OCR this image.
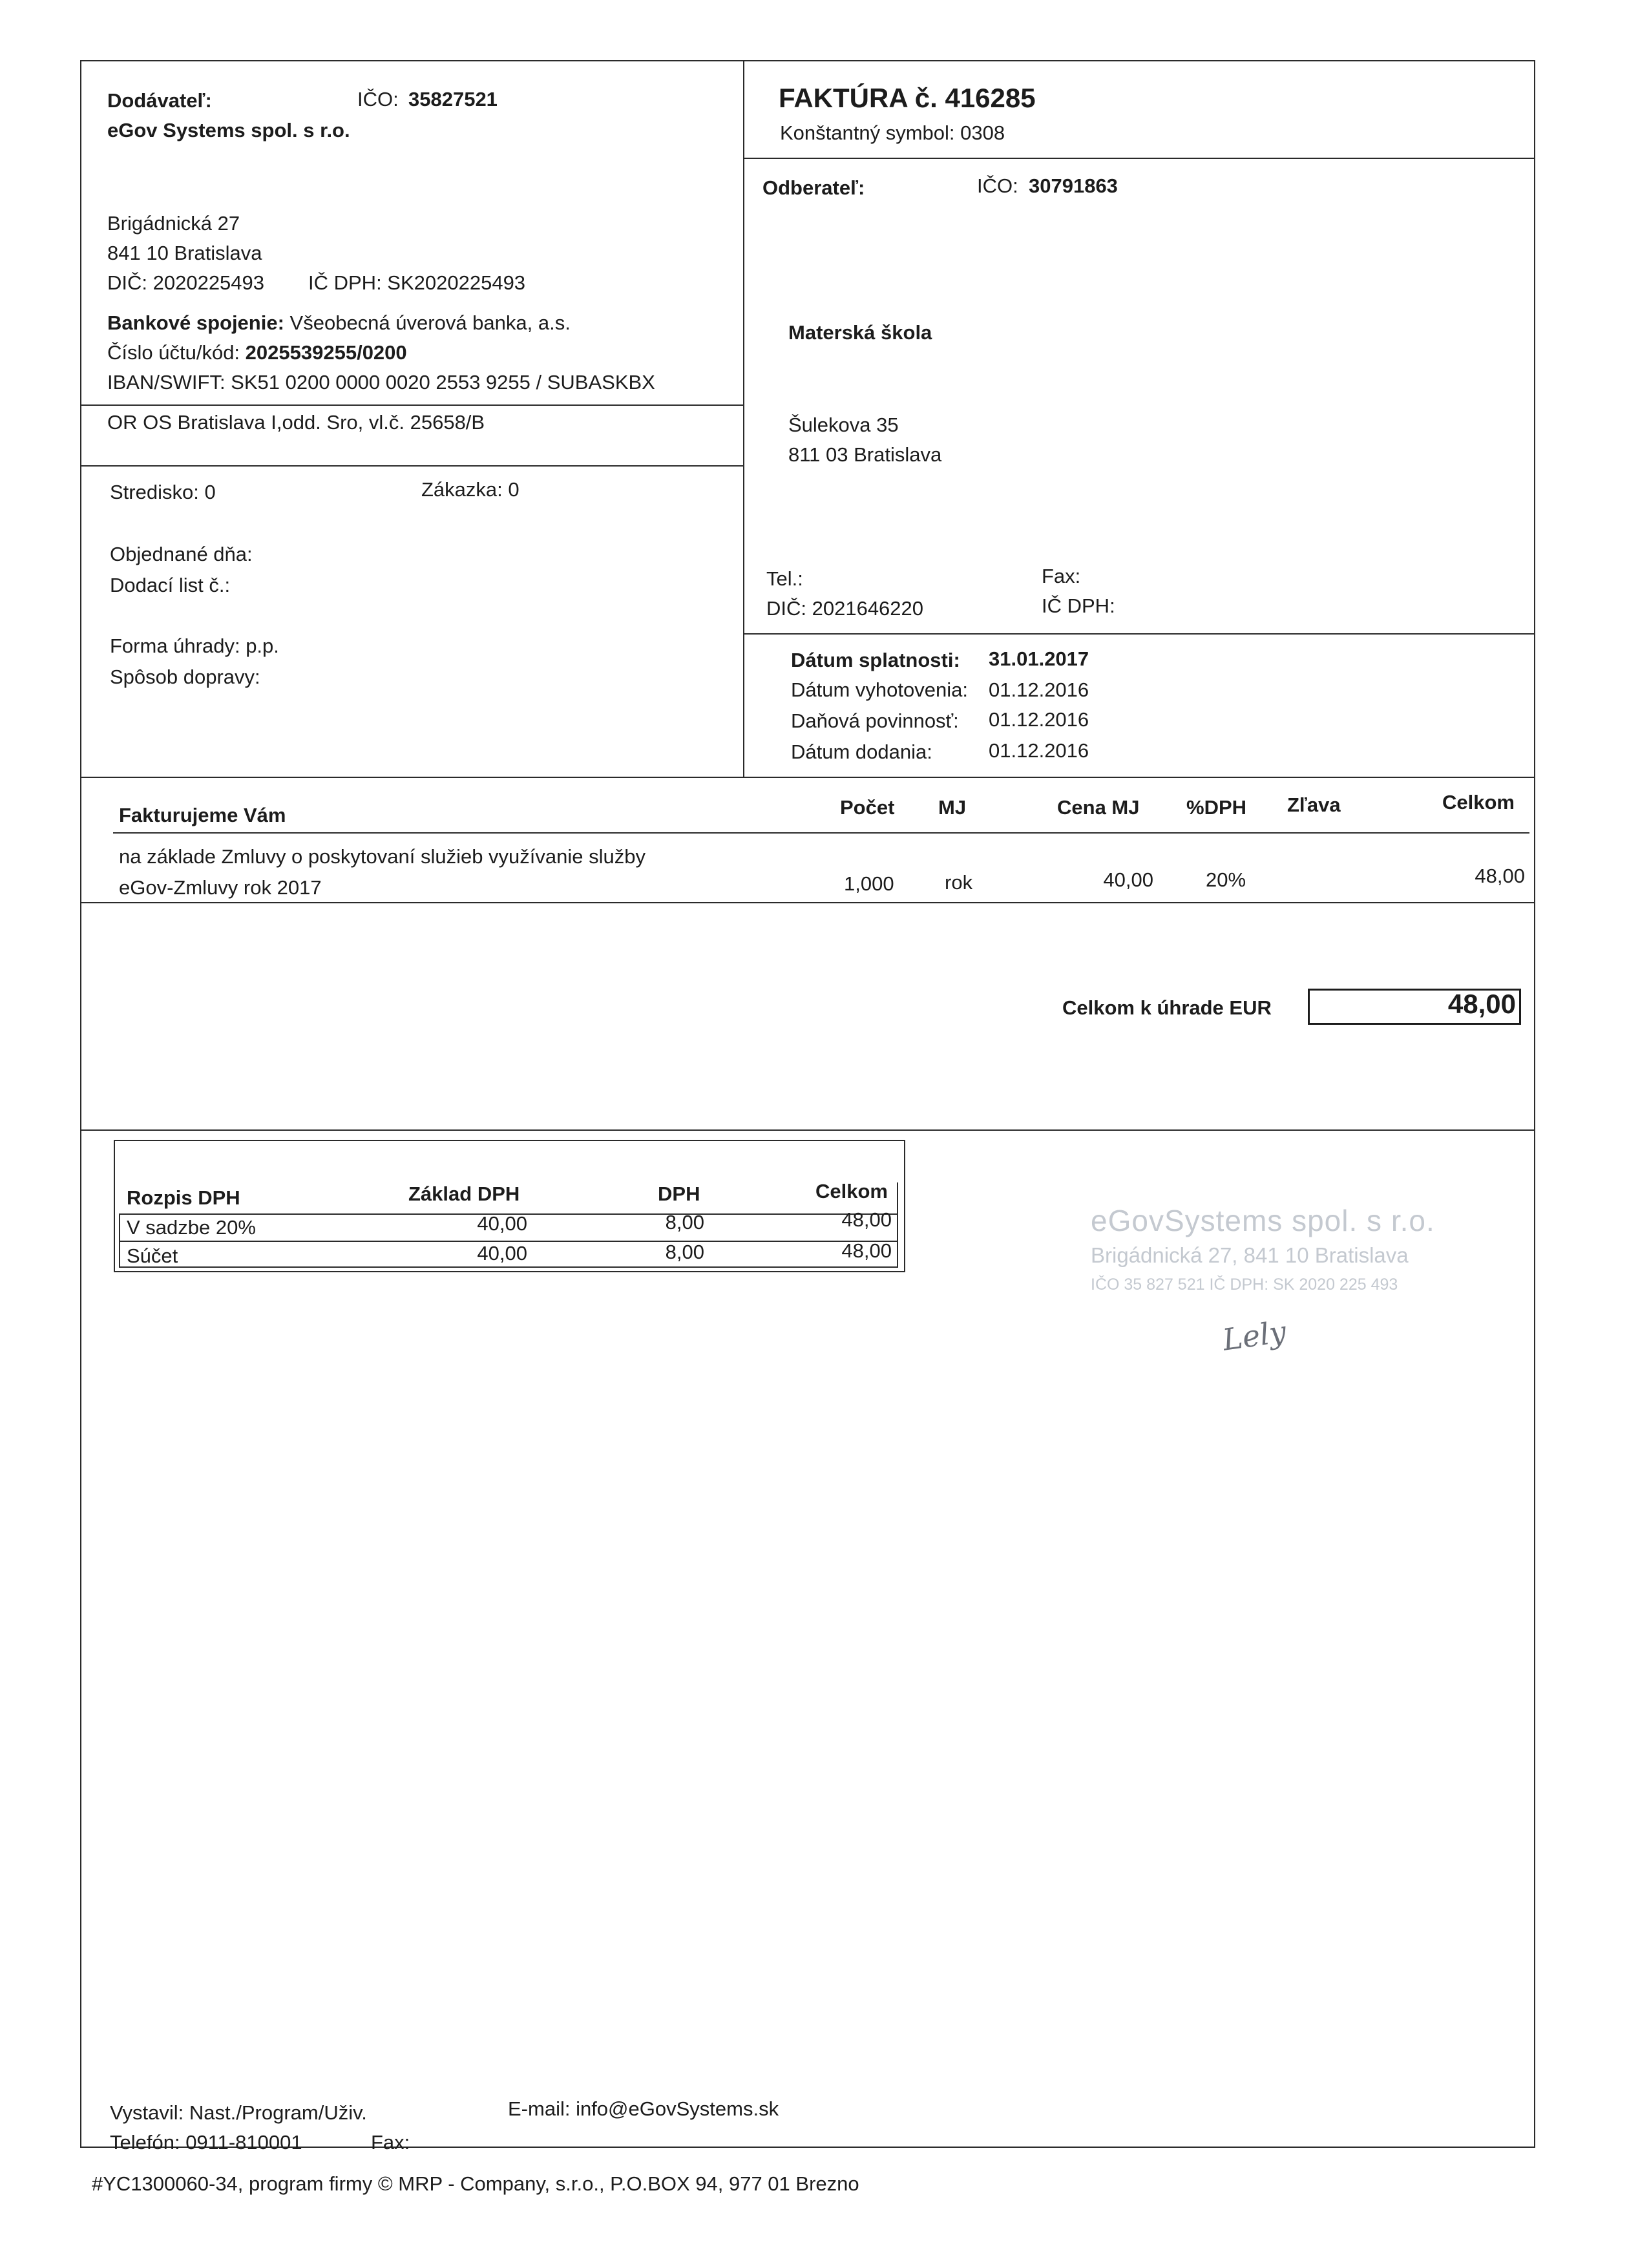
Dodávateľ:	IČO: 35827521
eGov Systems spol. s r.o.
Brigádnická 27
841 10 Bratislava
DIČ: 2020225493 IČ DPH: SK2020225493
Bankové spojenie: Všeobecná úverová banka, a.s.
Číslo účtu/kód: 2025539255/0200
IBAN/SWIFT: SK51 0200 0000 0020 2553 9255 / SUBASKBX
OR OS Bratislava I,odd. Sro, vl.č. 25658/B
FAKTÚRA č. 416285
Konštantný symbol: 0308
Odberateľ:	IČO: 30791863
Materská škola
Šulekova 35
811 03 Bratislava
Tel.:	Fax:
DIČ: 2021646220	IČ DPH:
Stredisko: 0	Zákazka: 0
Objednané dňa:
Dodací list č.:
Forma úhrady: p.p.
Spôsob dopravy:
Dátum splatnosti: 31.01.2017
Dátum vyhotovenia: 01.12.2016
Daňová povinnosť: 01.12.2016
Dátum dodania:	01.12.2016
Fakturujeme Vám	Počet MJ	Cena MJ %DPH Zľava	Celkom
na základe Zmluvy o poskytovaní služieb využívanie služby
eGov-Zmluvy rok 2017	1,000	rok	40,00	20%	48,00
Celkom k úhrade EUR	48,00
Rozpis DPH	Základ DPH	DPH	Celkom
V sadzbe 20%	40,00	8,00	48,00
Súčet	40,00	8,00	48,00
eGovSystems spol. s r.o.
Brigádnická 27, 841 10 Bratislava
IČO 35 827 521 IČ DPH: SK 2020 225 493
Lely
Vystavil: Nast./Program/Uživ.	E-mail: info@eGovSystems.sk
Telefón: 0911-810001	Fax:
#YC1300060-34, program firmy © MRP - Company, s.r.o., P.O.BOX 94, 977 01 Brezno
